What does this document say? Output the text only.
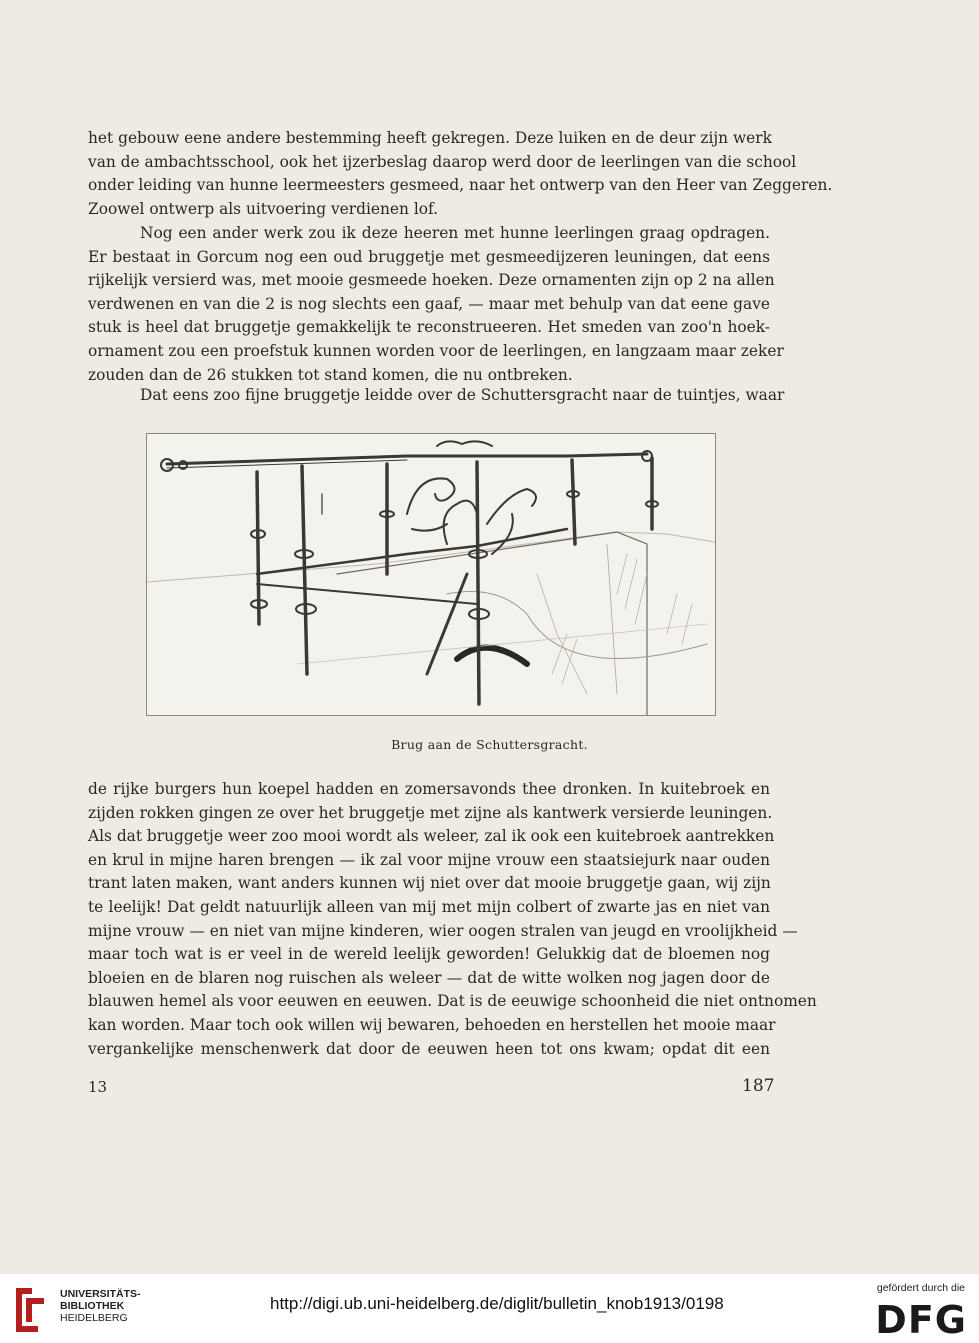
het gebouw eene andere bestemming heeft gekregen. Deze luiken en de deur zijn werk
van de ambachtsschool, ook het ijzerbeslag daarop werd door de leerlingen van die school
onder leiding van hunne leermeesters gesmeed, naar het ontwerp van den Heer van Zeggeren.
Zoowel ontwerp als uitvoering verdienen lof.
Nog een ander werk zou ik deze heeren met hunne leerlingen graag opdragen.
Er bestaat in Gorcum nog een oud bruggetje met gesmeedijzeren leuningen, dat eens
rijkelijk versierd was, met mooie gesmeede hoeken. Deze ornamenten zijn op 2 na allen
verdwenen en van die 2 is nog slechts een gaaf, — maar met behulp van dat eene gave
stuk is heel dat bruggetje gemakkelijk te reconstrueeren. Het smeden van zoo'n hoek-
ornament zou een proefstuk kunnen worden voor de leerlingen, en langzaam maar zeker
zouden dan de 26 stukken tot stand komen, die nu ontbreken.
Dat eens zoo fijne bruggetje leidde over de Schuttersgracht naar de tuintjes, waar
Brug aan de Schuttersgracht.
de rijke burgers hun koepel hadden en zomersavonds thee dronken. In kuitebroek en
zijden rokken gingen ze over het bruggetje met zijne als kantwerk versierde leuningen.
Als dat bruggetje weer zoo mooi wordt als weleer, zal ik ook een kuitebroek aantrekken
en krul in mijne haren brengen — ik zal voor mijne vrouw een staatsiejurk naar ouden
trant laten maken, want anders kunnen wij niet over dat mooie bruggetje gaan, wij zijn
te leelijk! Dat geldt natuurlijk alleen van mij met mijn colbert of zwarte jas en niet van
mijne vrouw — en niet van mijne kinderen, wier oogen stralen van jeugd en vroolijkheid —
maar toch wat is er veel in de wereld leelijk geworden! Gelukkig dat de bloemen nog
bloeien en de blaren nog ruischen als weleer — dat de witte wolken nog jagen door de
blauwen hemel als voor eeuwen en eeuwen. Dat is de eeuwige schoonheid die niet ontnomen
kan worden. Maar toch ook willen wij bewaren, behoeden en herstellen het mooie maar
vergankelijke menschenwerk dat door de eeuwen heen tot ons kwam; opdat dit een
13	187
UNIVERSITÄTS-
BIBLIOTHEK
HEIDELBERG
http://digi.ub.uni-heidelberg.de/diglit/bulletin_knob1913/0198
gefördert durch die
DFG
